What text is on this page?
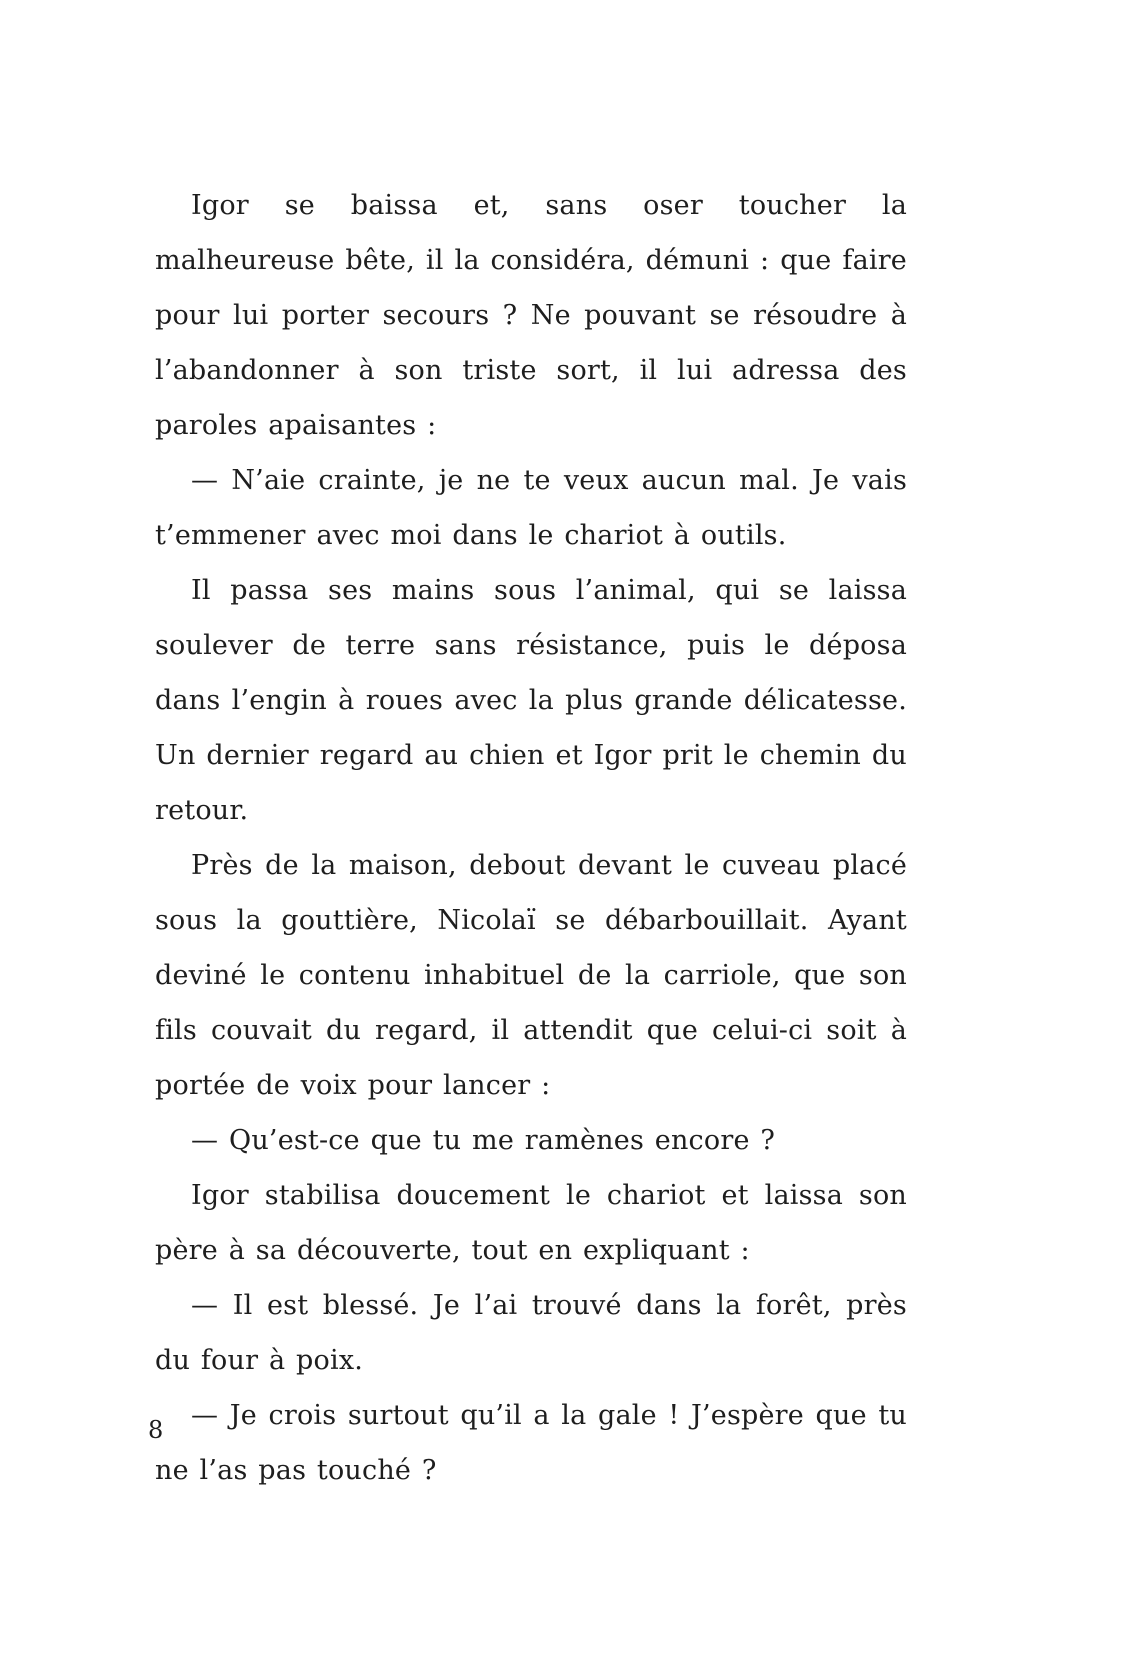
Igor se baissa et, sans oser toucher la malheureuse bête, il la considéra, démuni : que faire pour lui porter secours ? Ne pouvant se résoudre à l’abandonner à son triste sort, il lui adressa des paroles apaisantes :

— N’aie crainte, je ne te veux aucun mal. Je vais t’emmener avec moi dans le chariot à outils.

Il passa ses mains sous l’animal, qui se laissa soulever de terre sans résistance, puis le déposa dans l’engin à roues avec la plus grande délicatesse. Un dernier regard au chien et Igor prit le chemin du retour.

Près de la maison, debout devant le cuveau placé sous la gouttière, Nicolaï se débarbouillait. Ayant deviné le contenu inhabituel de la carriole, que son fils couvait du regard, il attendit que celui-ci soit à portée de voix pour lancer :

— Qu’est-ce que tu me ramènes encore ?

Igor stabilisa doucement le chariot et laissa son père à sa découverte, tout en expliquant :

— Il est blessé. Je l’ai trouvé dans la forêt, près du four à poix.

— Je crois surtout qu’il a la gale ! J’espère que tu ne l’as pas touché ?

8
